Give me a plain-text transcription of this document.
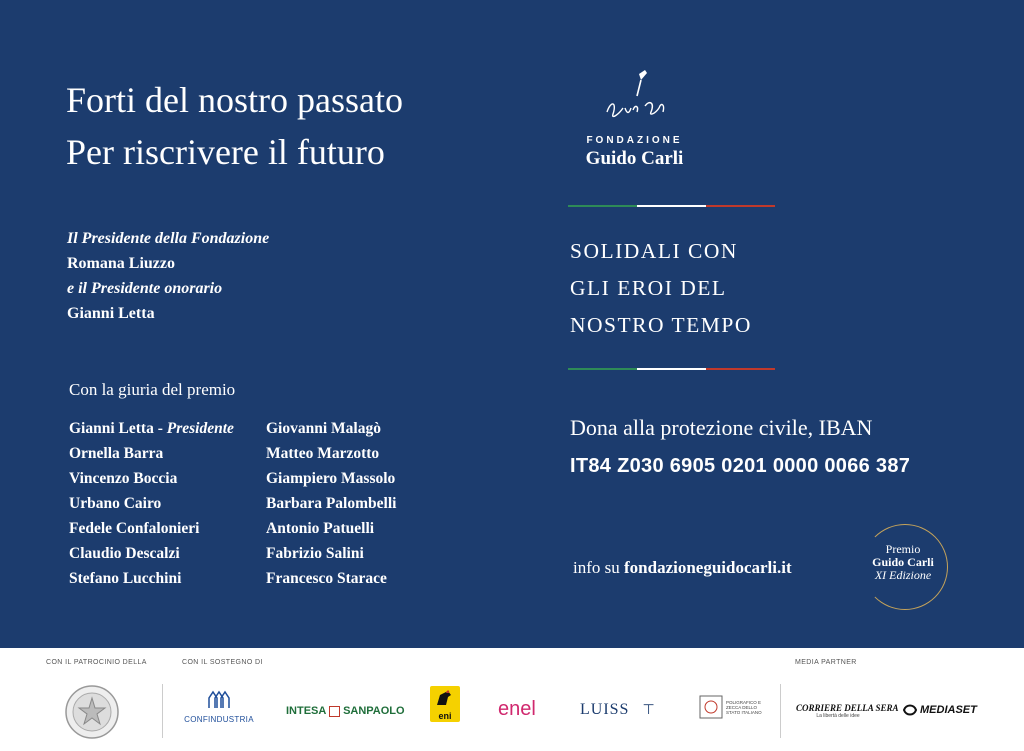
Forti del nostro passato
Per riscrivere il futuro
Il Presidente della Fondazione
Romana Liuzzo
e il Presidente onorario
Gianni Letta
Con la giuria del premio
Gianni Letta - Presidente
Ornella Barra
Vincenzo Boccia
Urbano Cairo
Fedele Confalonieri
Claudio Descalzi
Stefano Lucchini
Giovanni Malagò
Matteo Marzotto
Giampiero Massolo
Barbara Palombelli
Antonio Patuelli
Fabrizio Salini
Francesco Starace
FONDAZIONE
Guido Carli
SOLIDALI CON
GLI EROI DEL
NOSTRO TEMPO
Dona alla protezione civile, IBAN
IT84 Z030 6905 0201 0000 0066 387
info su fondazioneguidocarli.it
Premio
Guido Carli
XI Edizione
CON IL PATROCINIO DELLA	CON IL SOSTEGNO DI	MEDIA PARTNER
CONFINDUSTRIA
INTESA SANPAOLO	eni	enel	LUISS ⊤
POLIGRAFICO E ZECCA DELLO STATO ITALIANO	CORRIERE DELLA SERA
La libertà delle idee	MEDIASET
